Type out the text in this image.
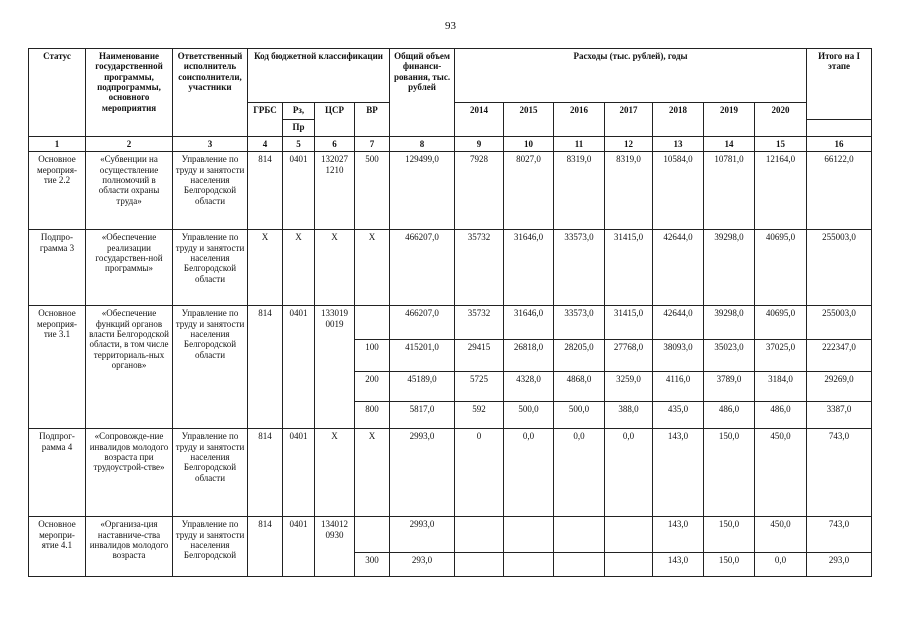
93
Статус	Наименование государственной программы, подпрограммы, основного мероприятия	Ответственный исполнитель соисполнители, участники	Код бюджетной классификации				Общий объем финанси-рования, тыс. рублей	Расходы (тыс. рублей), годы							Итого на I этапе
			ГРБС	Рз,	ЦСР	ВР		2014	2015	2016	2017	2018	2019	2020	
				Пр											
1	2	3	4	5	6	7	8	9	10	11	12	13	14	15	16
Основное мероприя-тие 2.2	«Субвенции на осуществление полномочий в области охраны труда»	Управление по труду и занятости населения Белгородской области	814	0401	132027 1210	500	129499,0	7928	8027,0	8319,0	8319,0	10584,0	10781,0	12164,0	66122,0
Подпро-грамма 3	«Обеспечение реализации государствен-ной программы»	Управление по труду и занятости населения Белгородской области	X	X	X	X	466207,0	35732	31646,0	33573,0	31415,0	42644,0	39298,0	40695,0	255003,0
Основное мероприя-тие 3.1	«Обеспечение функций органов власти Белгородской области, в том числе территориаль-ных органов»	Управление по труду и занятости населения Белгородской области	814	0401	133019 0019		466207,0	35732	31646,0	33573,0	31415,0	42644,0	39298,0	40695,0	255003,0
						100	415201,0	29415	26818,0	28205,0	27768,0	38093,0	35023,0	37025,0	222347,0
						200	45189,0	5725	4328,0	4868,0	3259,0	4116,0	3789,0	3184,0	29269,0
						800	5817,0	592	500,0	500,0	388,0	435,0	486,0	486,0	3387,0
Подпрог-рамма 4	«Сопровожде-ние инвалидов молодого возраста при трудоустрой-стве»	Управление по труду и занятости населения Белгородской области	814	0401	X	X	2993,0	0	0,0	0,0	0,0	143,0	150,0	450,0	743,0
Основное меропри-ятие 4.1	«Организа-ция наставниче-ства инвалидов молодого возраста	Управление по труду и занятости населения Белгородской	814	0401	134012 0930		2993,0					143,0	150,0	450,0	743,0
						300	293,0					143,0	150,0	0,0	293,0
